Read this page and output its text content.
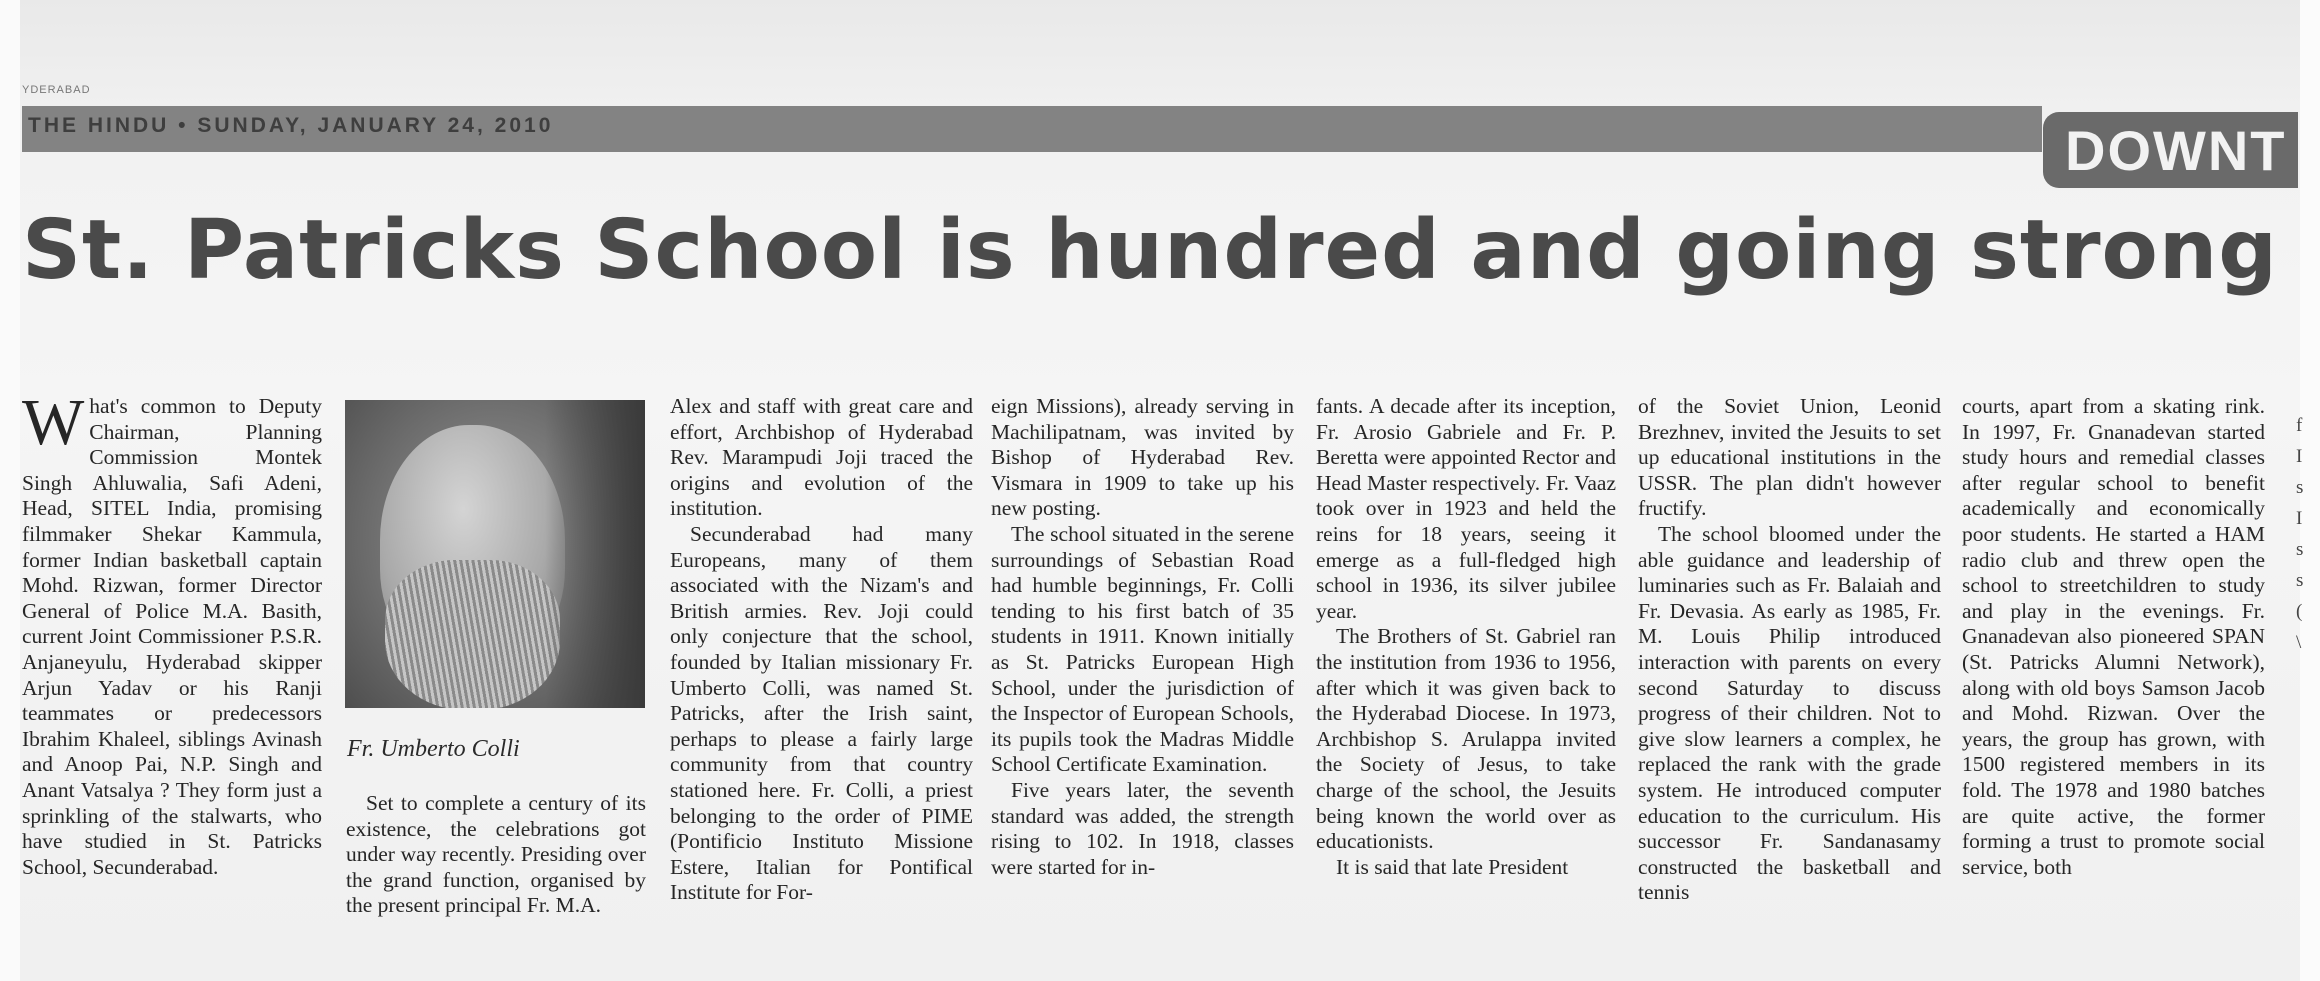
YDERABAD
THE HINDU • SUNDAY, JANUARY 24, 2010	DOWNT
St. Patricks School is hundred and going strong

What's common to Deputy Chairman, Planning Commission Montek Singh Ahluwalia, Safi Adeni, Head, SITEL India, promising filmmaker Shekar Kammula, former Indian basketball captain Mohd. Rizwan, former Director General of Police M.A. Basith, current Joint Commissioner P.S.R. Anjaneyulu, Hyderabad skipper Arjun Yadav or his Ranji teammates or predecessors Ibrahim Khaleel, siblings Avinash and Anoop Pai, N.P. Singh and Anant Vatsalya ? They form just a sprinkling of the stalwarts, who have studied in St. Patricks School, Secunderabad.

Fr. Umberto Colli

Set to complete a century of its existence, the celebrations got under way recently. Presiding over the grand function, organised by the present principal Fr. M.A.

Alex and staff with great care and effort, Archbishop of Hyderabad Rev. Marampudi Joji traced the origins and evolution of the institution.

Secunderabad had many Europeans, many of them associated with the Nizam's and British armies. Rev. Joji could only conjecture that the school, founded by Italian missionary Fr. Umberto Colli, was named St. Patricks, after the Irish saint, perhaps to please a fairly large community from that country stationed here. Fr. Colli, a priest belonging to the order of PIME (Pontificio Instituto Missione Estere, Italian for Pontifical Institute for For-

eign Missions), already serving in Machilipatnam, was invited by Bishop of Hyderabad Rev. Vismara in 1909 to take up his new posting.

The school situated in the serene surroundings of Sebastian Road had humble beginnings, Fr. Colli tending to his first batch of 35 students in 1911. Known initially as St. Patricks European High School, under the jurisdiction of the Inspector of European Schools, its pupils took the Madras Middle School Certificate Examination.

Five years later, the seventh standard was added, the strength rising to 102. In 1918, classes were started for in-

fants. A decade after its inception, Fr. Arosio Gabriele and Fr. P. Beretta were appointed Rector and Head Master respectively. Fr. Vaaz took over in 1923 and held the reins for 18 years, seeing it emerge as a full-fledged high school in 1936, its silver jubilee year.

The Brothers of St. Gabriel ran the institution from 1936 to 1956, after which it was given back to the Hyderabad Diocese. In 1973, Archbishop S. Arulappa invited the Society of Jesus, to take charge of the school, the Jesuits being known the world over as educationists.

It is said that late President

of the Soviet Union, Leonid Brezhnev, invited the Jesuits to set up educational institutions in the USSR. The plan didn't however fructify.

The school bloomed under the able guidance and leadership of luminaries such as Fr. Balaiah and Fr. Devasia. As early as 1985, Fr. M. Louis Philip introduced interaction with parents on every second Saturday to discuss progress of their children. Not to give slow learners a complex, he replaced the rank with the grade system. He introduced computer education to the curriculum. His successor Fr. Sandanasamy constructed the basketball and tennis

courts, apart from a skating rink. In 1997, Fr. Gnanadevan started study hours and remedial classes after regular school to benefit academically and economically poor students. He started a HAM radio club and threw open the school to streetchildren to study and play in the evenings. Fr. Gnanadevan also pioneered SPAN (St. Patricks Alumni Network), along with old boys Samson Jacob and Mohd. Rizwan. Over the years, the group has grown, with 1500 registered members in its fold. The 1978 and 1980 batches are quite active, the former forming a trust to promote social service, both

f
I
s
I
s
s
(
\
